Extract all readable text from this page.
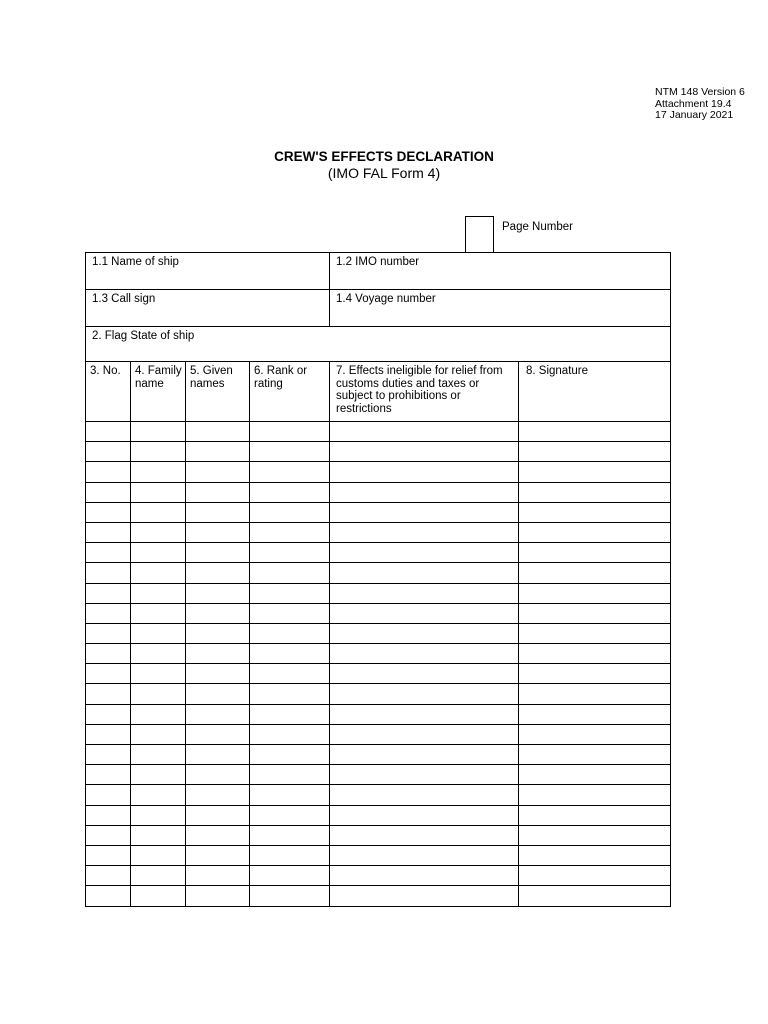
NTM 148 Version 6
Attachment 19.4
17 January 2021
CREW'S EFFECTS DECLARATION
(IMO FAL Form 4)
Page Number
1.1 Name of ship	1.2 IMO number
1.3 Call sign	1.4 Voyage number
2. Flag State of ship	
3. No.	4. Family name	5. Given names	6. Rank or rating	7. Effects ineligible for relief from customs duties and taxes or subject to prohibitions or restrictions	8. Signature
